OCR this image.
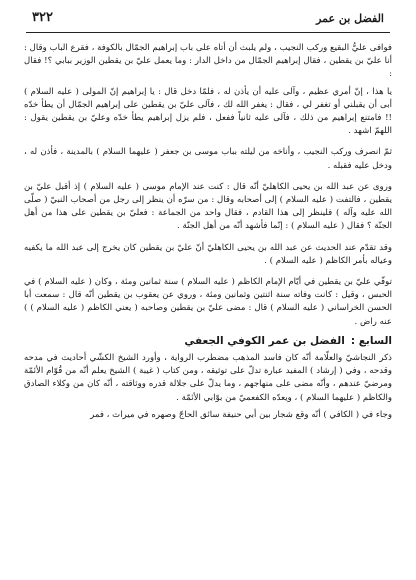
الفضل بن عمر
٣٢٢

فوافى عليُّ البقيع وركب النجيب ، ولم يلبث أن أتاه على باب إبراهيم الجمّال بالكوفة ، فقرع الباب وقال : أنا عليّ بن يقطين ، فقال إبراهيم الجمّال من داخل الدار : وما يعمل عليّ بن يقطين الوزير ببابي ؟! فقال :

يا هذا ، إنّ أمري عظيم ، وآلى عليه أن يأذن له ، فلمّا دخل قال : يا إبراهيم إنّ المولى ( عليه السلام ) أبى أن يقبلني أو تغفر لي ، فقال : يغفر الله لك ، فآلى عليّ بن يقطين على إبراهيم الجمّال أن يطأ خدّه !! فامتنع إبراهيم من ذلك ، فآلى عليه ثانياً ففعل ، فلم يزل إبراهيم يطأ خدّه وعليّ بن يقطين يقول : اللهمّ اشهد .

ثمّ انصرف وركب النجيب ، وأناخه من ليلته بباب موسى بن جعفر ( عليهما السلام ) بالمدينة ، فأذن له ، ودخل عليه فقبله .

وروى عن عبد الله بن يحيى الكاهليّ أنّه قال : كنت عند الإمام موسى ( عليه السلام ) إذ أقبل عليّ بن يقطين ، فالتفت ( عليه السلام ) إلى أصحابه وقال : من سرّه أن ينظر إلى رجل من أصحاب النبيّ ( صلّى الله عليه وآله ) فلينظر إلى هذا القادم ، فقال واحد من الجماعة : فعليّ بن يقطين على هذا من أهل الجنّة ؟ فقال ( عليه السلام ) : إنّما فأشهد أنّه من أهل الجنّة .

وقد تقدّم عند الحديث عن عبد الله بن يحيى الكاهليّ أنّ عليّ بن يقطين كان يخرج إلى عبد الله ما يكفيه وعياله بأمر الكاظم ( عليه السلام ) .

توفّي عليّ بن يقطين في أيّام الإمام الكاظم ( عليه السلام ) سنة ثمانين ومئة ، وكان ( عليه السلام ) في الحبس ، وقيل : كانت وفاته سنة اثنتين وثمانين ومئة ، وروي عن يعقوب بن يقطين أنّه قال : سمعت أبا الحسن الخراساني ( عليه السلام ) قال : مضى عليّ بن يقطين وصاحبه ( يعني الكاظم ( عليه السلام ) ) عنه راض .

السابع :الفضل بن عمر الكوفي الجعفي

ذكر النجاشيّ والعلّامة أنّه كان فاسد المذهب مضطرب الرواية ، وأورد الشيخ الكشّي أحاديث في مدحه وقدحه ، وفي ( إرشاد ) المفيد عبارة تدلّ على توثيقه ، ومن كتاب ( غيبة ) الشيخ يعلم أنّه من قُوّام الأئمّة ومرضيّ عندهم ، وأنّه مضى على منهاجهم ، وما يدلّ على جلالة قدره ووثاقته ، أنّه كان من وكلاء الصادق والكاظم ( عليهما السلام ) ، ويعدّه الكفعميّ من بوّابي الأئمّة .

وجاء في ( الكافي ) أنّه وقع شجار بين أبي حنيفة سائق الحاجّ وصهره في ميراث ، فمر
